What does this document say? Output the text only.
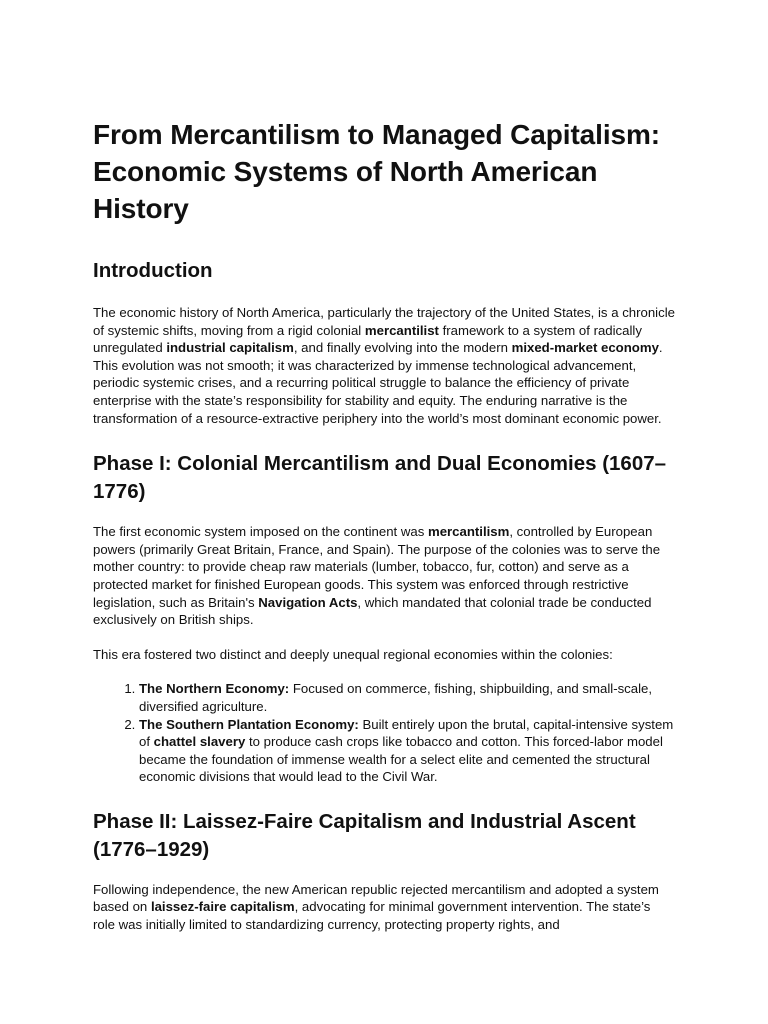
From Mercantilism to Managed Capitalism: Economic Systems of North American History
Introduction

The economic history of North America, particularly the trajectory of the United States, is a chronicle of systemic shifts, moving from a rigid colonial mercantilist framework to a system of radically unregulated industrial capitalism, and finally evolving into the modern mixed-market economy. This evolution was not smooth; it was characterized by immense technological advancement, periodic systemic crises, and a recurring political struggle to balance the efficiency of private enterprise with the state’s responsibility for stability and equity. The enduring narrative is the transformation of a resource-extractive periphery into the world’s most dominant economic power.

Phase I: Colonial Mercantilism and Dual Economies (1607–1776)

The first economic system imposed on the continent was mercantilism, controlled by European powers (primarily Great Britain, France, and Spain). The purpose of the colonies was to serve the mother country: to provide cheap raw materials (lumber, tobacco, fur, cotton) and serve as a protected market for finished European goods. This system was enforced through restrictive legislation, such as Britain's Navigation Acts, which mandated that colonial trade be conducted exclusively on British ships.

This era fostered two distinct and deeply unequal regional economies within the colonies:

1. The Northern Economy: Focused on commerce, fishing, shipbuilding, and small-scale, diversified agriculture.
2. The Southern Plantation Economy: Built entirely upon the brutal, capital-intensive system of chattel slavery to produce cash crops like tobacco and cotton. This forced-labor model became the foundation of immense wealth for a select elite and cemented the structural economic divisions that would lead to the Civil War.
Phase II: Laissez-Faire Capitalism and Industrial Ascent (1776–1929)

Following independence, the new American republic rejected mercantilism and adopted a system based on laissez-faire capitalism, advocating for minimal government intervention. The state’s role was initially limited to standardizing currency, protecting property rights, and
